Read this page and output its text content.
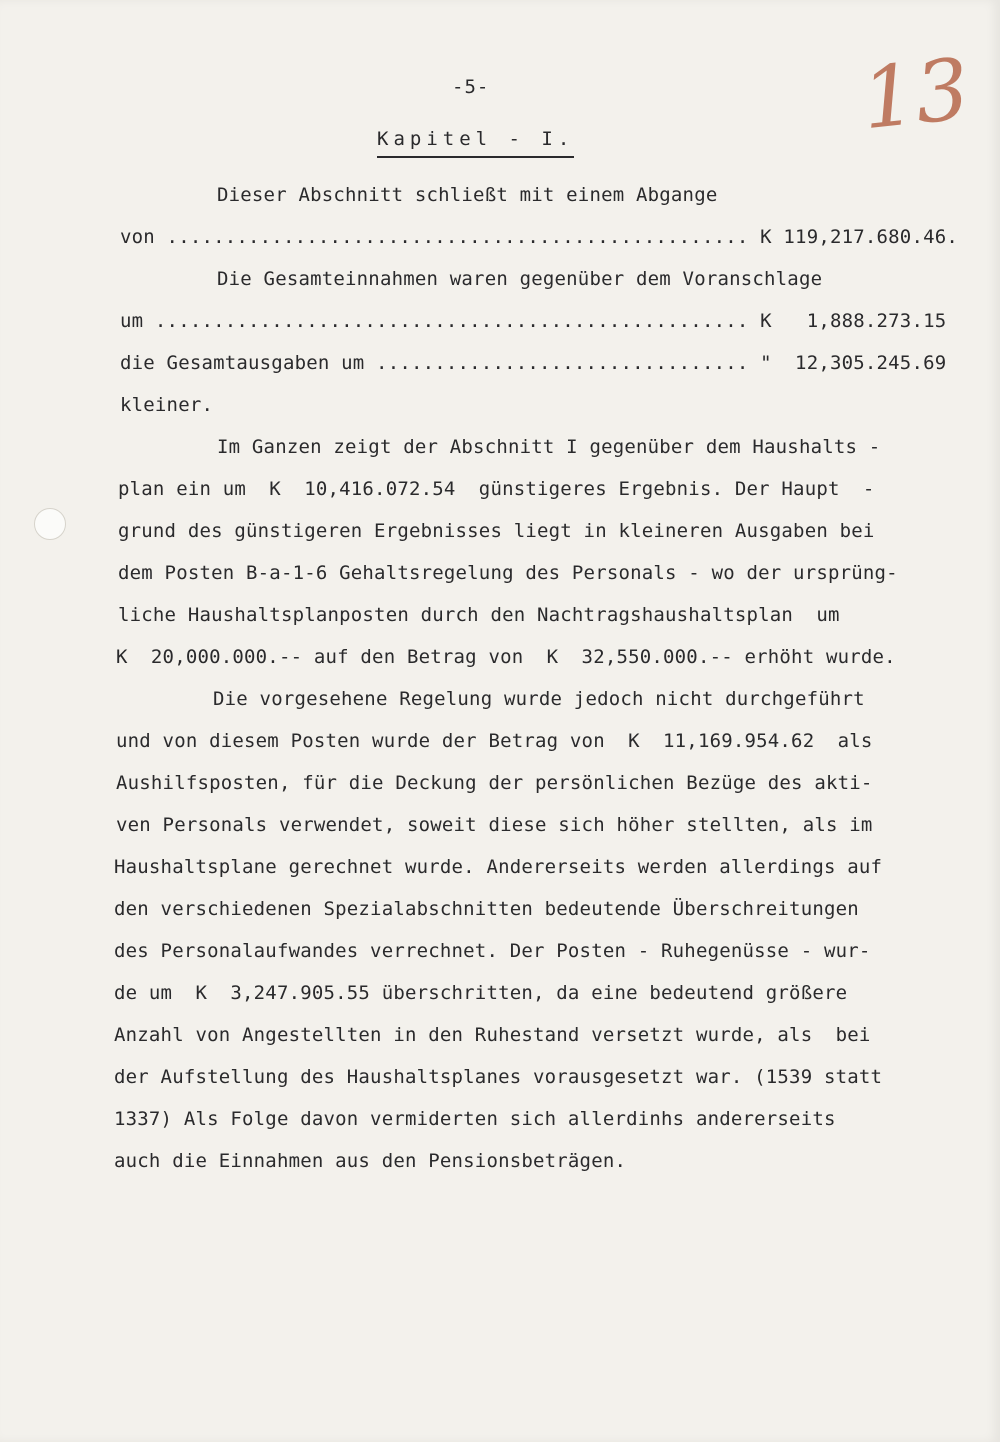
-5-	13
Kapitel - I.
Dieser Abschnitt schließt mit einem Abgange
von .................................................. K 119,217.680.46.
Die Gesamteinnahmen waren gegenüber dem Voranschlage
um ................................................... K   1,888.273.15
die Gesamtausgaben um ................................ "  12,305.245.69
kleiner.
Im Ganzen zeigt der Abschnitt I gegenüber dem Haushalts -
plan ein um  K  10,416.072.54  günstigeres Ergebnis. Der Haupt  -
grund des günstigeren Ergebnisses liegt in kleineren Ausgaben bei
dem Posten B-a-1-6 Gehaltsregelung des Personals - wo der ursprüng-
liche Haushaltsplanposten durch den Nachtragshaushaltsplan  um
K  20,000.000.-- auf den Betrag von  K  32,550.000.-- erhöht wurde.
Die vorgesehene Regelung wurde jedoch nicht durchgeführt
und von diesem Posten wurde der Betrag von  K  11,169.954.62  als
Aushilfsposten, für die Deckung der persönlichen Bezüge des akti-
ven Personals verwendet, soweit diese sich höher stellten, als im
Haushaltsplane gerechnet wurde. Andererseits werden allerdings auf
den verschiedenen Spezialabschnitten bedeutende Überschreitungen
des Personalaufwandes verrechnet. Der Posten - Ruhegenüsse - wur-
de um  K  3,247.905.55 überschritten, da eine bedeutend größere
Anzahl von Angestellten in den Ruhestand versetzt wurde, als  bei
der Aufstellung des Haushaltsplanes vorausgesetzt war. (1539 statt
1337) Als Folge davon vermiderten sich allerdinhs andererseits
auch die Einnahmen aus den Pensionsbeträgen.
